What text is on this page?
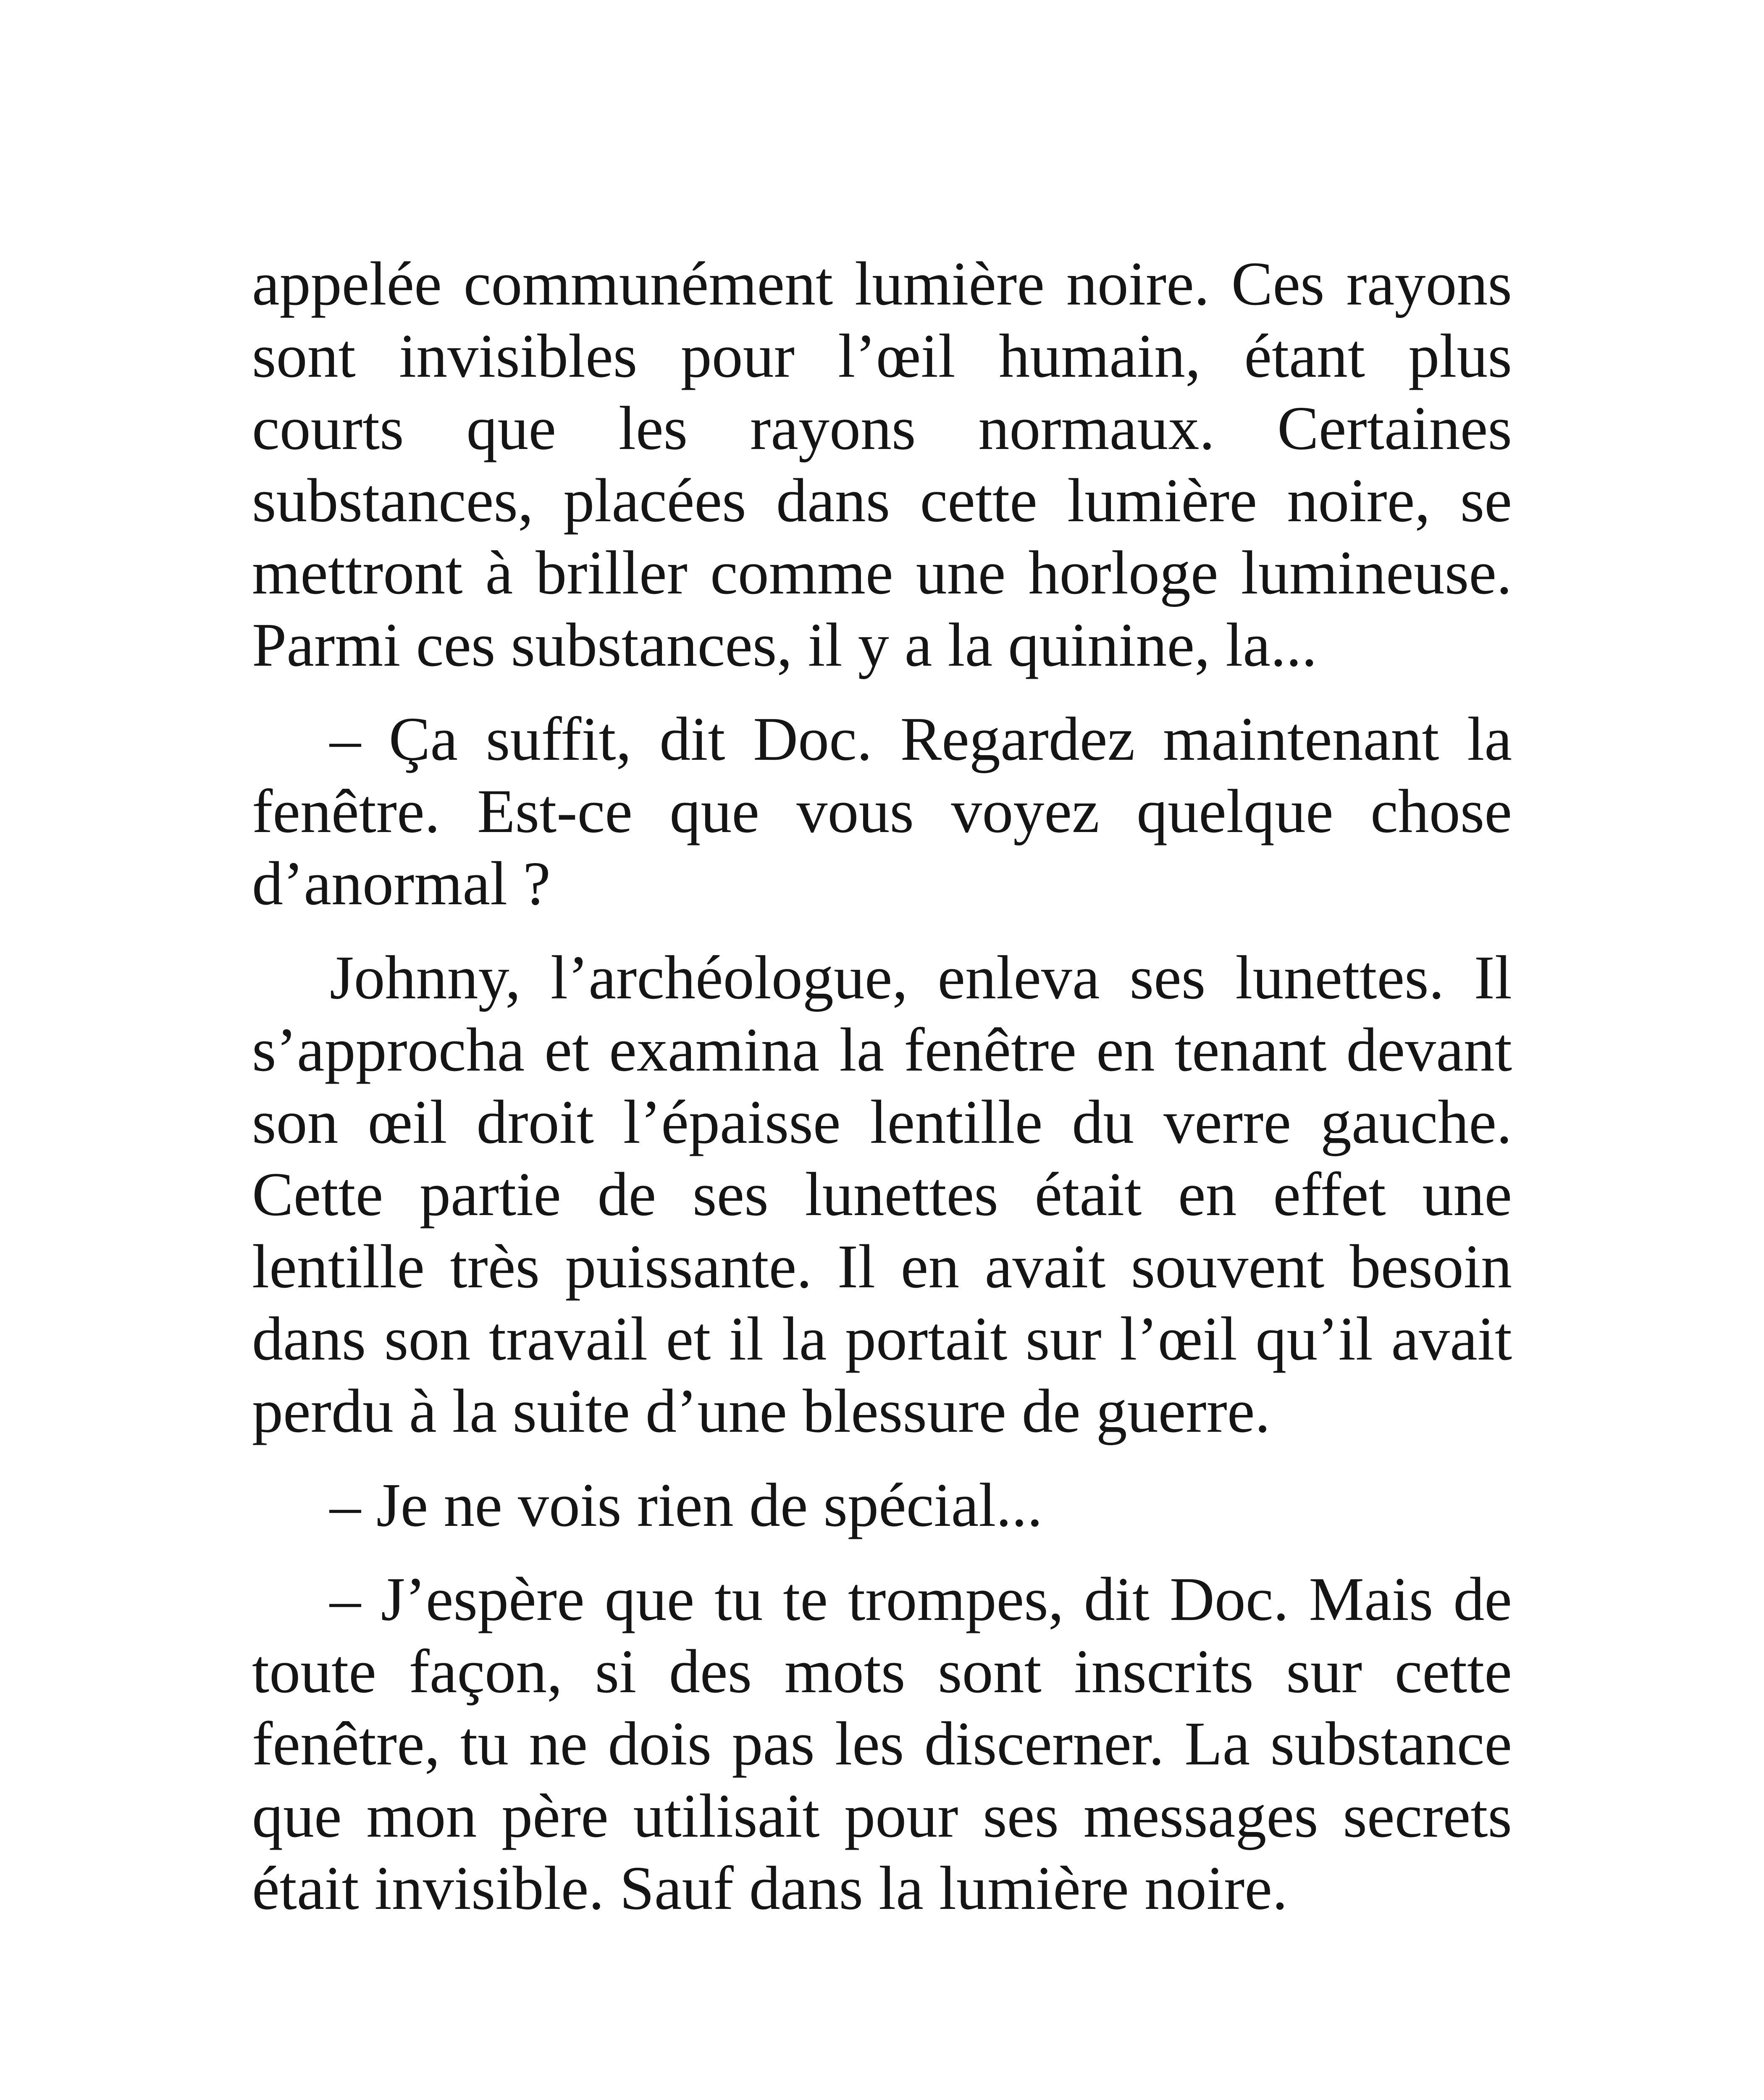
appelée communément lumière noire. Ces rayons sont invisibles pour l’œil humain, étant plus courts que les rayons normaux. Certaines substances, placées dans cette lumière noire, se mettront à briller comme une horloge lumineuse. Parmi ces substances, il y a la quinine, la...

– Ça suffit, dit Doc. Regardez maintenant la fenêtre. Est-ce que vous voyez quelque chose d’anormal ?

Johnny, l’archéologue, enleva ses lunettes. Il s’approcha et examina la fenêtre en tenant devant son œil droit l’épaisse lentille du verre gauche. Cette partie de ses lunettes était en effet une lentille très puissante. Il en avait souvent besoin dans son travail et il la portait sur l’œil qu’il avait perdu à la suite d’une blessure de guerre.

– Je ne vois rien de spécial...

– J’espère que tu te trompes, dit Doc. Mais de toute façon, si des mots sont inscrits sur cette fenêtre, tu ne dois pas les discerner. La substance que mon père utilisait pour ses messages secrets était invisible. Sauf dans la lumière noire.
